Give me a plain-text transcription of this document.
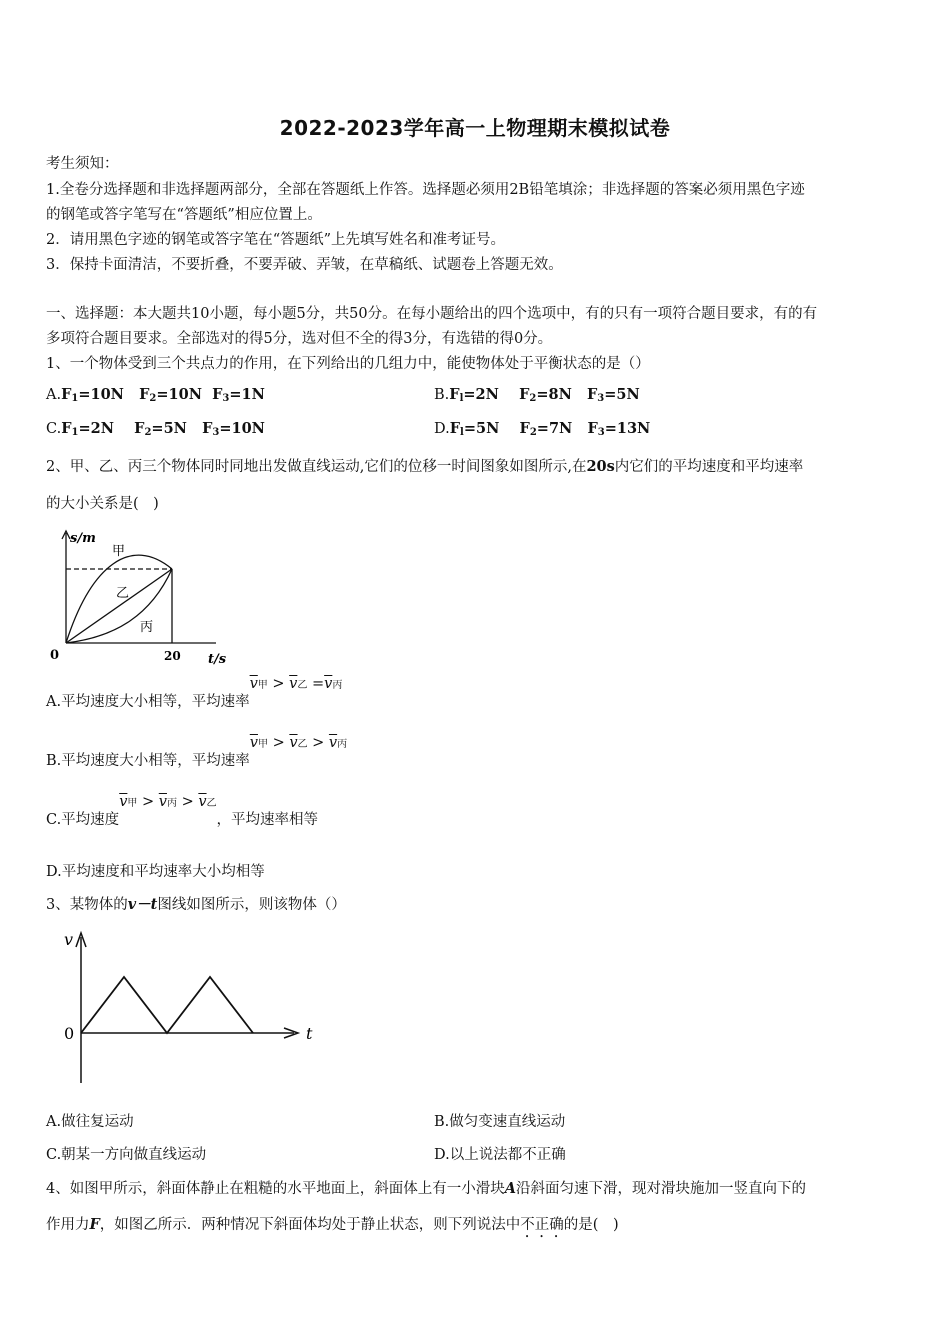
2022-2023学年高一上物理期末模拟试卷
考生须知：
1.全卷分选择题和非选择题两部分，全部在答题纸上作答。选择题必须用2B铅笔填涂；非选择题的答案必须用黑色字迹
的钢笔或答字笔写在“答题纸”相应位置上。
2．请用黑色字迹的钢笔或答字笔在“答题纸”上先填写姓名和准考证号。
3．保持卡面清洁，不要折叠，不要弄破、弄皱，在草稿纸、试题卷上答题无效。
一、选择题：本大题共10小题，每小题5分，共50分。在每小题给出的四个选项中，有的只有一项符合题目要求，有的有
多项符合题目要求。全部选对的得5分，选对但不全的得3分，有选错的得0分。
1、一个物体受到三个共点力的作用，在下列给出的几组力中，能使物体处于平衡状态的是（）
$A.F_1=10N$ $F_2=10N$ $F_3=1N$	$B.F_l=2N$ $F_2=8N$ $F_3=5N$
$C.F_1=2N$ $F_2=5N$ $F_3=10N$	$D.F_l=5N$ $F_2=7N$ $F_3=13N$
2、甲、乙、丙三个物体同时同地出发做直线运动,它们的位移一时间图象如图所示,在20s内它们的平均速度和平均速率
的大小关系是(　)
s/m
甲
乙
丙
0	20 t/s
A.平均速度大小相等，平均速率$\overline{v}$甲 > $\overline{v}$乙 $=\overline{v}$丙
B.平均速度大小相等，平均速率$\overline{v}$甲 > $\overline{v}$乙 > $\overline{v}$丙
C.平均速度$\overline{v}$甲 > $\overline{v}$丙 > $\overline{v}$乙，平均速率相等
D.平均速度和平均速率大小均相等
3、某物体的v－t图线如图所示，则该物体（）
v
0	t
A.做往复运动	B.做匀变速直线运动
C.朝某一方向做直线运动	D.以上说法都不正确
4、如图甲所示，斜面体静止在粗糙的水平地面上，斜面体上有一小滑块A沿斜面匀速下滑，现对滑块施加一竖直向下的
作用力F，如图乙所示．两种情况下斜面体均处于静止状态，则下列说法中不正确的是(　)
